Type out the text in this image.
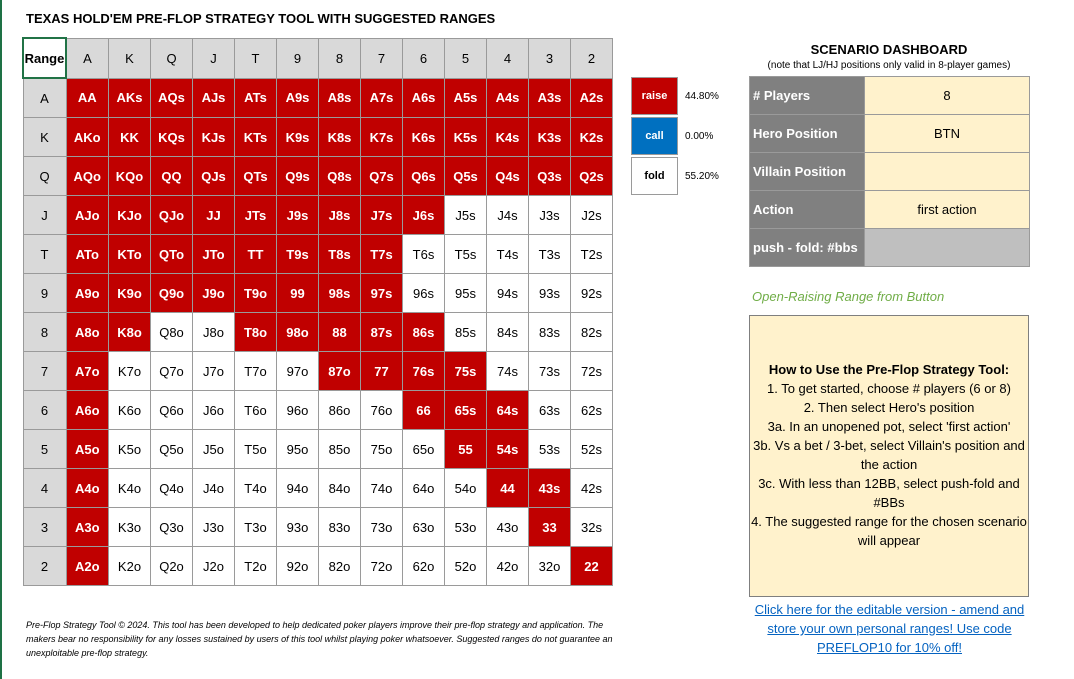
TEXAS HOLD'EM PRE-FLOP STRATEGY TOOL WITH SUGGESTED RANGES
Range	A	K	Q	J	T	9	8	7	6	5	4	3	2
A	AA	AKs	AQs	AJs	ATs	A9s	A8s	A7s	A6s	A5s	A4s	A3s	A2s
K	AKo	KK	KQs	KJs	KTs	K9s	K8s	K7s	K6s	K5s	K4s	K3s	K2s
Q	AQo	KQo	QQ	QJs	QTs	Q9s	Q8s	Q7s	Q6s	Q5s	Q4s	Q3s	Q2s
J	AJo	KJo	QJo	JJ	JTs	J9s	J8s	J7s	J6s	J5s	J4s	J3s	J2s
T	ATo	KTo	QTo	JTo	TT	T9s	T8s	T7s	T6s	T5s	T4s	T3s	T2s
9	A9o	K9o	Q9o	J9o	T9o	99	98s	97s	96s	95s	94s	93s	92s
8	A8o	K8o	Q8o	J8o	T8o	98o	88	87s	86s	85s	84s	83s	82s
7	A7o	K7o	Q7o	J7o	T7o	97o	87o	77	76s	75s	74s	73s	72s
6	A6o	K6o	Q6o	J6o	T6o	96o	86o	76o	66	65s	64s	63s	62s
5	A5o	K5o	Q5o	J5o	T5o	95o	85o	75o	65o	55	54s	53s	52s
4	A4o	K4o	Q4o	J4o	T4o	94o	84o	74o	64o	54o	44	43s	42s
3	A3o	K3o	Q3o	J3o	T3o	93o	83o	73o	63o	53o	43o	33	32s
2	A2o	K2o	Q2o	J2o	T2o	92o	82o	72o	62o	52o	42o	32o	22
raise 44.80%
call 0.00%
fold 55.20%
SCENARIO DASHBOARD
(note that LJ/HJ positions only valid in 8-player games)
# Players	8
Hero Position	BTN
Villain Position	
Action	first action
push - fold: #bbs	
Open-Raising Range from Button
How to Use the Pre-Flop Strategy Tool:
1. To get started, choose # players (6 or 8)
2. Then select Hero's position
3a. In an unopened pot, select 'first action'
3b. Vs a bet / 3-bet, select Villain's position and the action
3c. With less than 12BB, select push-fold and #BBs
4. The suggested range for the chosen scenario will appear
Click here for the editable version - amend and store your own personal ranges! Use code PREFLOP10 for 10% off!
Pre-Flop Strategy Tool © 2024. This tool has been developed to help dedicated poker players improve their pre-flop strategy and application. The makers bear no responsibility for any losses sustained by users of this tool whilst playing poker whatsoever. Suggested ranges do not guarantee an unexploitable pre-flop strategy.
